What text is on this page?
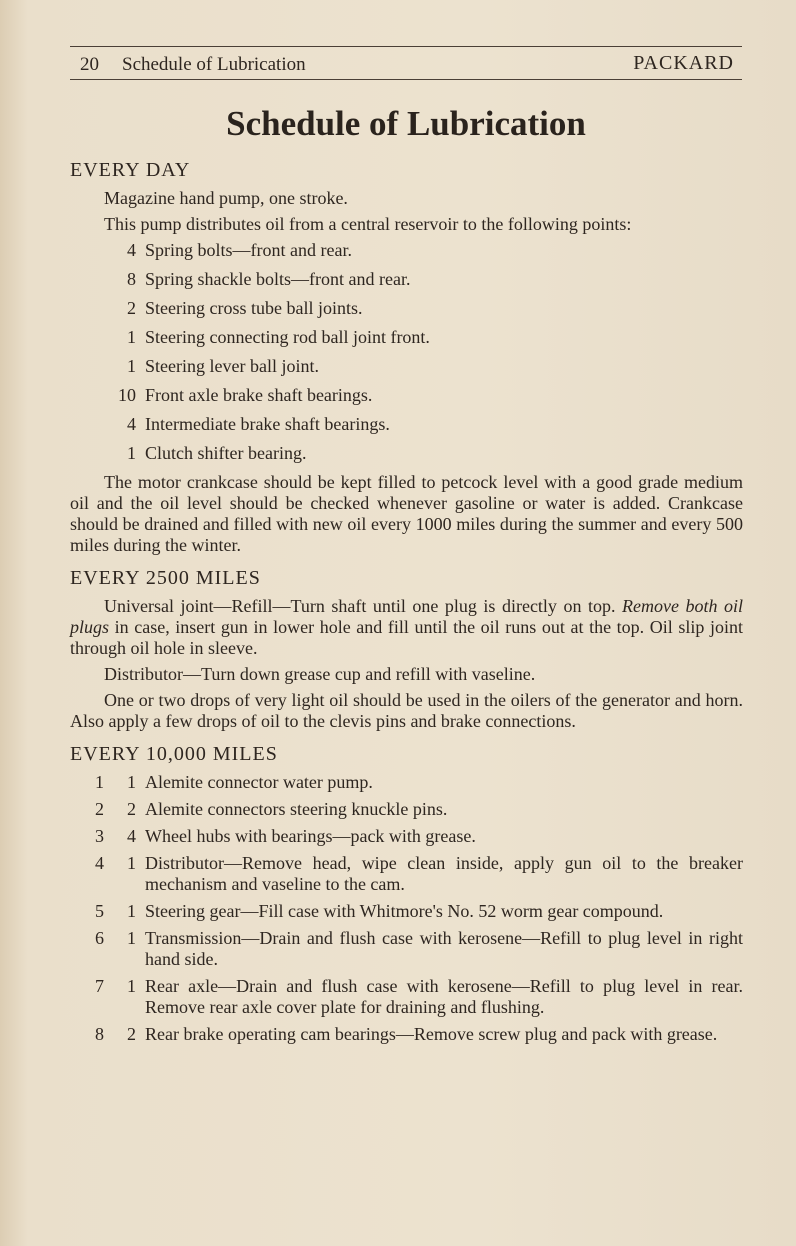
20 Schedule of Lubrication	PACKARD
Schedule of Lubrication
EVERY DAY

Magazine hand pump, one stroke.

This pump distributes oil from a central reservoir to the following points:

4 Spring bolts—front and rear.
8 Spring shackle bolts—front and rear.
2 Steering cross tube ball joints.
1 Steering connecting rod ball joint front.
1 Steering lever ball joint.
10 Front axle brake shaft bearings.
4 Intermediate brake shaft bearings.
1 Clutch shifter bearing.

The motor crankcase should be kept filled to petcock level with a good grade medium oil and the oil level should be checked whenever gasoline or water is added. Crankcase should be drained and filled with new oil every 1000 miles during the summer and every 500 miles during the winter.

EVERY 2500 MILES

Universal joint—Refill—Turn shaft until one plug is directly on top. Remove both oil plugs in case, insert gun in lower hole and fill until the oil runs out at the top. Oil slip joint through oil hole in sleeve.

Distributor—Turn down grease cup and refill with vaseline.

One or two drops of very light oil should be used in the oilers of the generator and horn. Also apply a few drops of oil to the clevis pins and brake connections.

EVERY 10,000 MILES
1	1 Alemite connector water pump.
2	2 Alemite connectors steering knuckle pins.
3	4 Wheel hubs with bearings—pack with grease.
4	1 Distributor—Remove head, wipe clean inside, apply gun oil to the breaker mechanism and vaseline to the cam.
5	1 Steering gear—Fill case with Whitmore's No. 52 worm gear compound.
6	1 Transmission—Drain and flush case with kerosene—Refill to plug level in right hand side.
7	1 Rear axle—Drain and flush case with kerosene—Refill to plug level in rear. Remove rear axle cover plate for draining and flushing.
8	2 Rear brake operating cam bearings—Remove screw plug and pack with grease.
